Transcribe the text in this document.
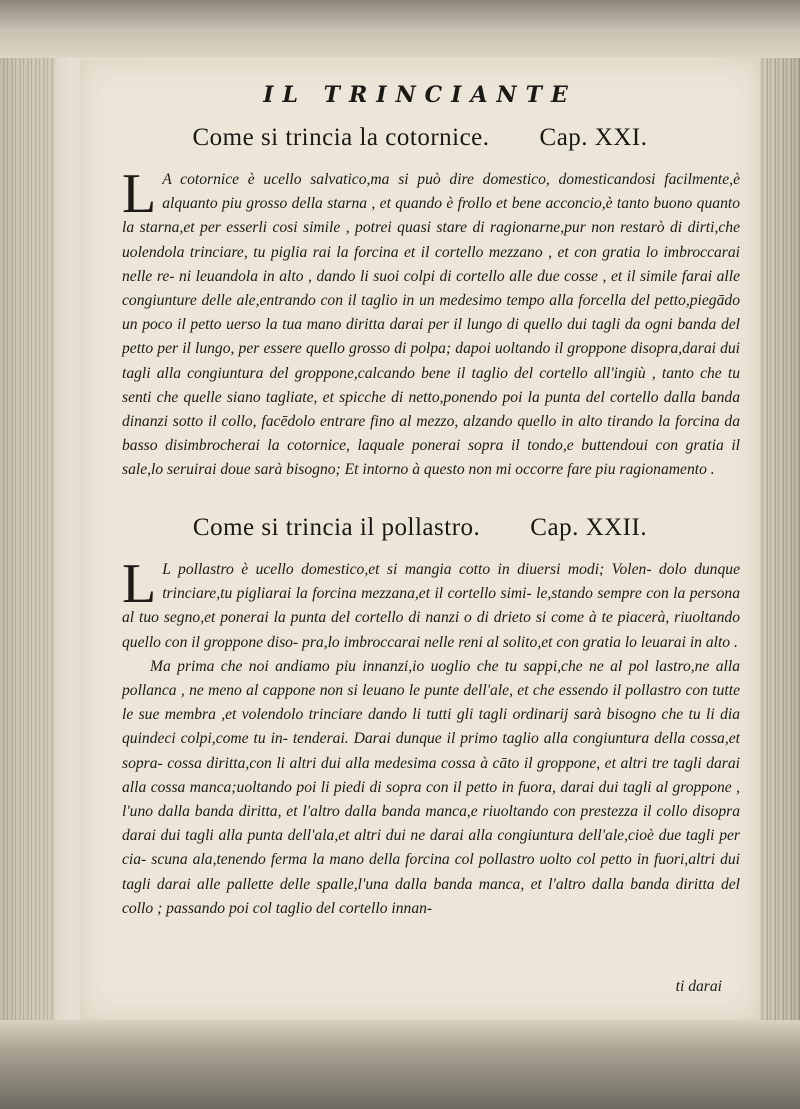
IL TRINCIANTE
Come si trincia la cotornice. Cap. XXI.

L A cotornice è ucello salvatico,ma si può dire domestico, domesticandosi facilmente,è alquanto piu grosso della starna , et quando è frollo et bene acconcio,è tanto buono quanto la starna,et per esserli cosi simile , potrei quasi stare di ragionarne,pur non restarò di dirti,che uolendola trinciare, tu piglia rai la forcina et il cortello mezzano , et con gratia lo imbroccarai nelle re- ni leuandola in alto , dando li suoi colpi di cortello alle due cosse , et il simile farai alle congiunture delle ale,entrando con il taglio in un medesimo tempo alla forcella del petto,piegādo un poco il petto uerso la tua mano diritta darai per il lungo di quello dui tagli da ogni banda del petto per il lungo, per essere quello grosso di polpa; dapoi uoltando il groppone disopra,darai dui tagli alla congiuntura del groppone,calcando bene il taglio del cortello all'ingiù , tanto che tu senti che quelle siano tagliate, et spicche di netto,ponendo poi la punta del cortello dalla banda dinanzi sotto il collo, facēdolo entrare fino al mezzo, alzando quello in alto tirando la forcina da basso disimbrocherai la cotornice, laquale ponerai sopra il tondo,e buttendoui con gratia il sale,lo seruirai doue sarà bisogno; Et intorno à questo non mi occorre fare piu ragionamento .

Come si trincia il pollastro. Cap. XXII.

L L pollastro è ucello domestico,et si mangia cotto in diuersi modi; Volen- dolo dunque trinciare,tu pigliarai la forcina mezzana,et il cortello simi- le,stando sempre con la persona al tuo segno,et ponerai la punta del cortello di nanzi o di drieto si come à te piacerà, riuoltando quello con il groppone diso- pra,lo imbroccarai nelle reni al solito,et con gratia lo leuarai in alto .

Ma prima che noi andiamo piu innanzi,io uoglio che tu sappi,che ne al pol lastro,ne alla pollanca , ne meno al cappone non si leuano le punte dell'ale, et che essendo il pollastro con tutte le sue membra ,et volendolo trinciare dando li tutti gli tagli ordinarij sarà bisogno che tu li dia quindeci colpi,come tu in- tenderai. Darai dunque il primo taglio alla congiuntura della cossa,et sopra- cossa diritta,con li altri dui alla medesima cossa à cāto il groppone, et altri tre tagli darai alla cossa manca;uoltando poi li piedi di sopra con il petto in fuora, darai dui tagli al groppone , l'uno dalla banda diritta, et l'altro dalla banda manca,e riuoltando con prestezza il collo disopra darai dui tagli alla punta dell'ala,et altri dui ne darai alla congiuntura dell'ale,cioè due tagli per cia- scuna ala,tenendo ferma la mano della forcina col pollastro uolto col petto in fuori,altri dui tagli darai alle pallette delle spalle,l'una dalla banda manca, et l'altro dalla banda diritta del collo ; passando poi col taglio del cortello innan-

ti darai
